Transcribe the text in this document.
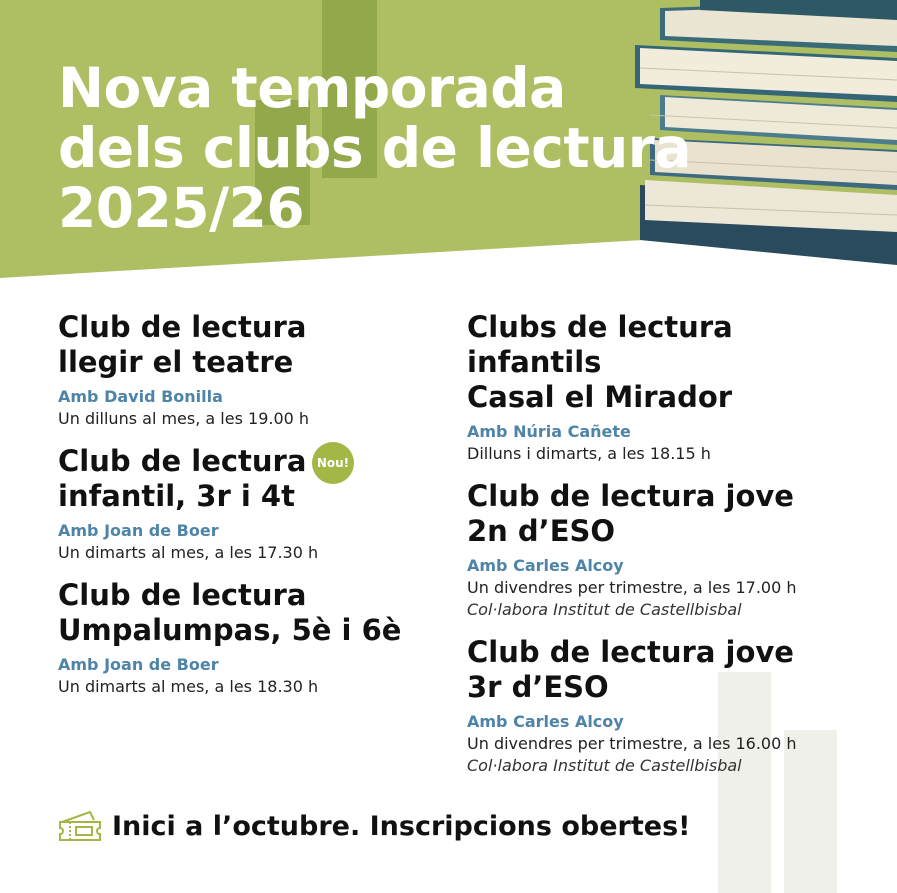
Nova temporada
dels clubs de lectura
2025/26
Club de lectura
llegir el teatre
Amb David Bonilla
Un dilluns al mes, a les 19.00 h
Nou!
Club de lectura
infantil, 3r i 4t
Amb Joan de Boer
Un dimarts al mes, a les 17.30 h
Club de lectura
Umpalumpas, 5è i 6è
Amb Joan de Boer
Un dimarts al mes, a les 18.30 h
Clubs de lectura
infantils
Casal el Mirador
Amb Núria Cañete
Dilluns i dimarts, a les 18.15 h
Club de lectura jove
2n d’ESO
Amb Carles Alcoy
Un divendres per trimestre, a les 17.00 h
Col·labora Institut de Castellbisbal
Club de lectura jove
3r d’ESO
Amb Carles Alcoy
Un divendres per trimestre, a les 16.00 h
Col·labora Institut de Castellbisbal
Inici a l’octubre. Inscripcions obertes!
